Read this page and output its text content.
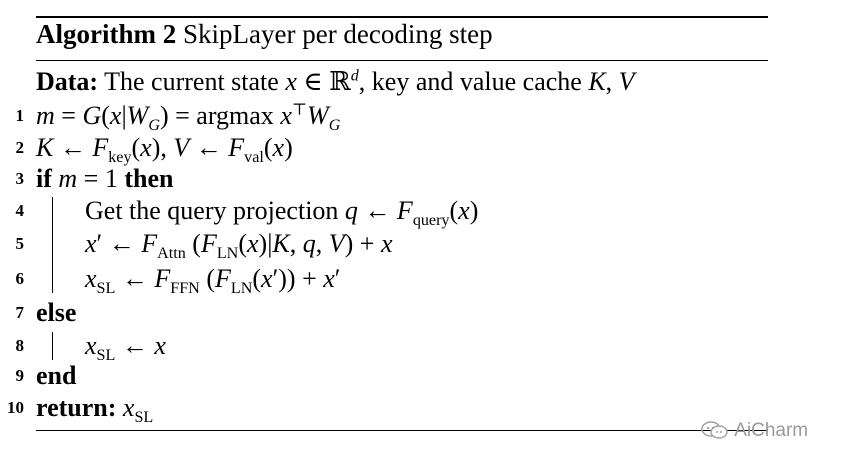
Algorithm 2 SkipLayer per decoding step
Data: The current state x ∈ ℝ$^d$, key and value cache K, V
1 $m = G(x|W_G) = argmax$ $x^⊤W_G$
2 K ← $F_{key}(x)$, V ← $F_{val}(x)$
3 if m = 1 then
4 Get the query projection q ← $F_{query}(x)$
5 x′ ← $F_{Attn}$ ($F_{LN}(x)|K$, q, V) + x
6 $x_{SL}$ ← $F_{FFN}$ $(F_{LN}(x')) + x'$
7 else
8 $x_{SL}$ ← x
9 end
10 return: $x_{SL}$
AiCharm
